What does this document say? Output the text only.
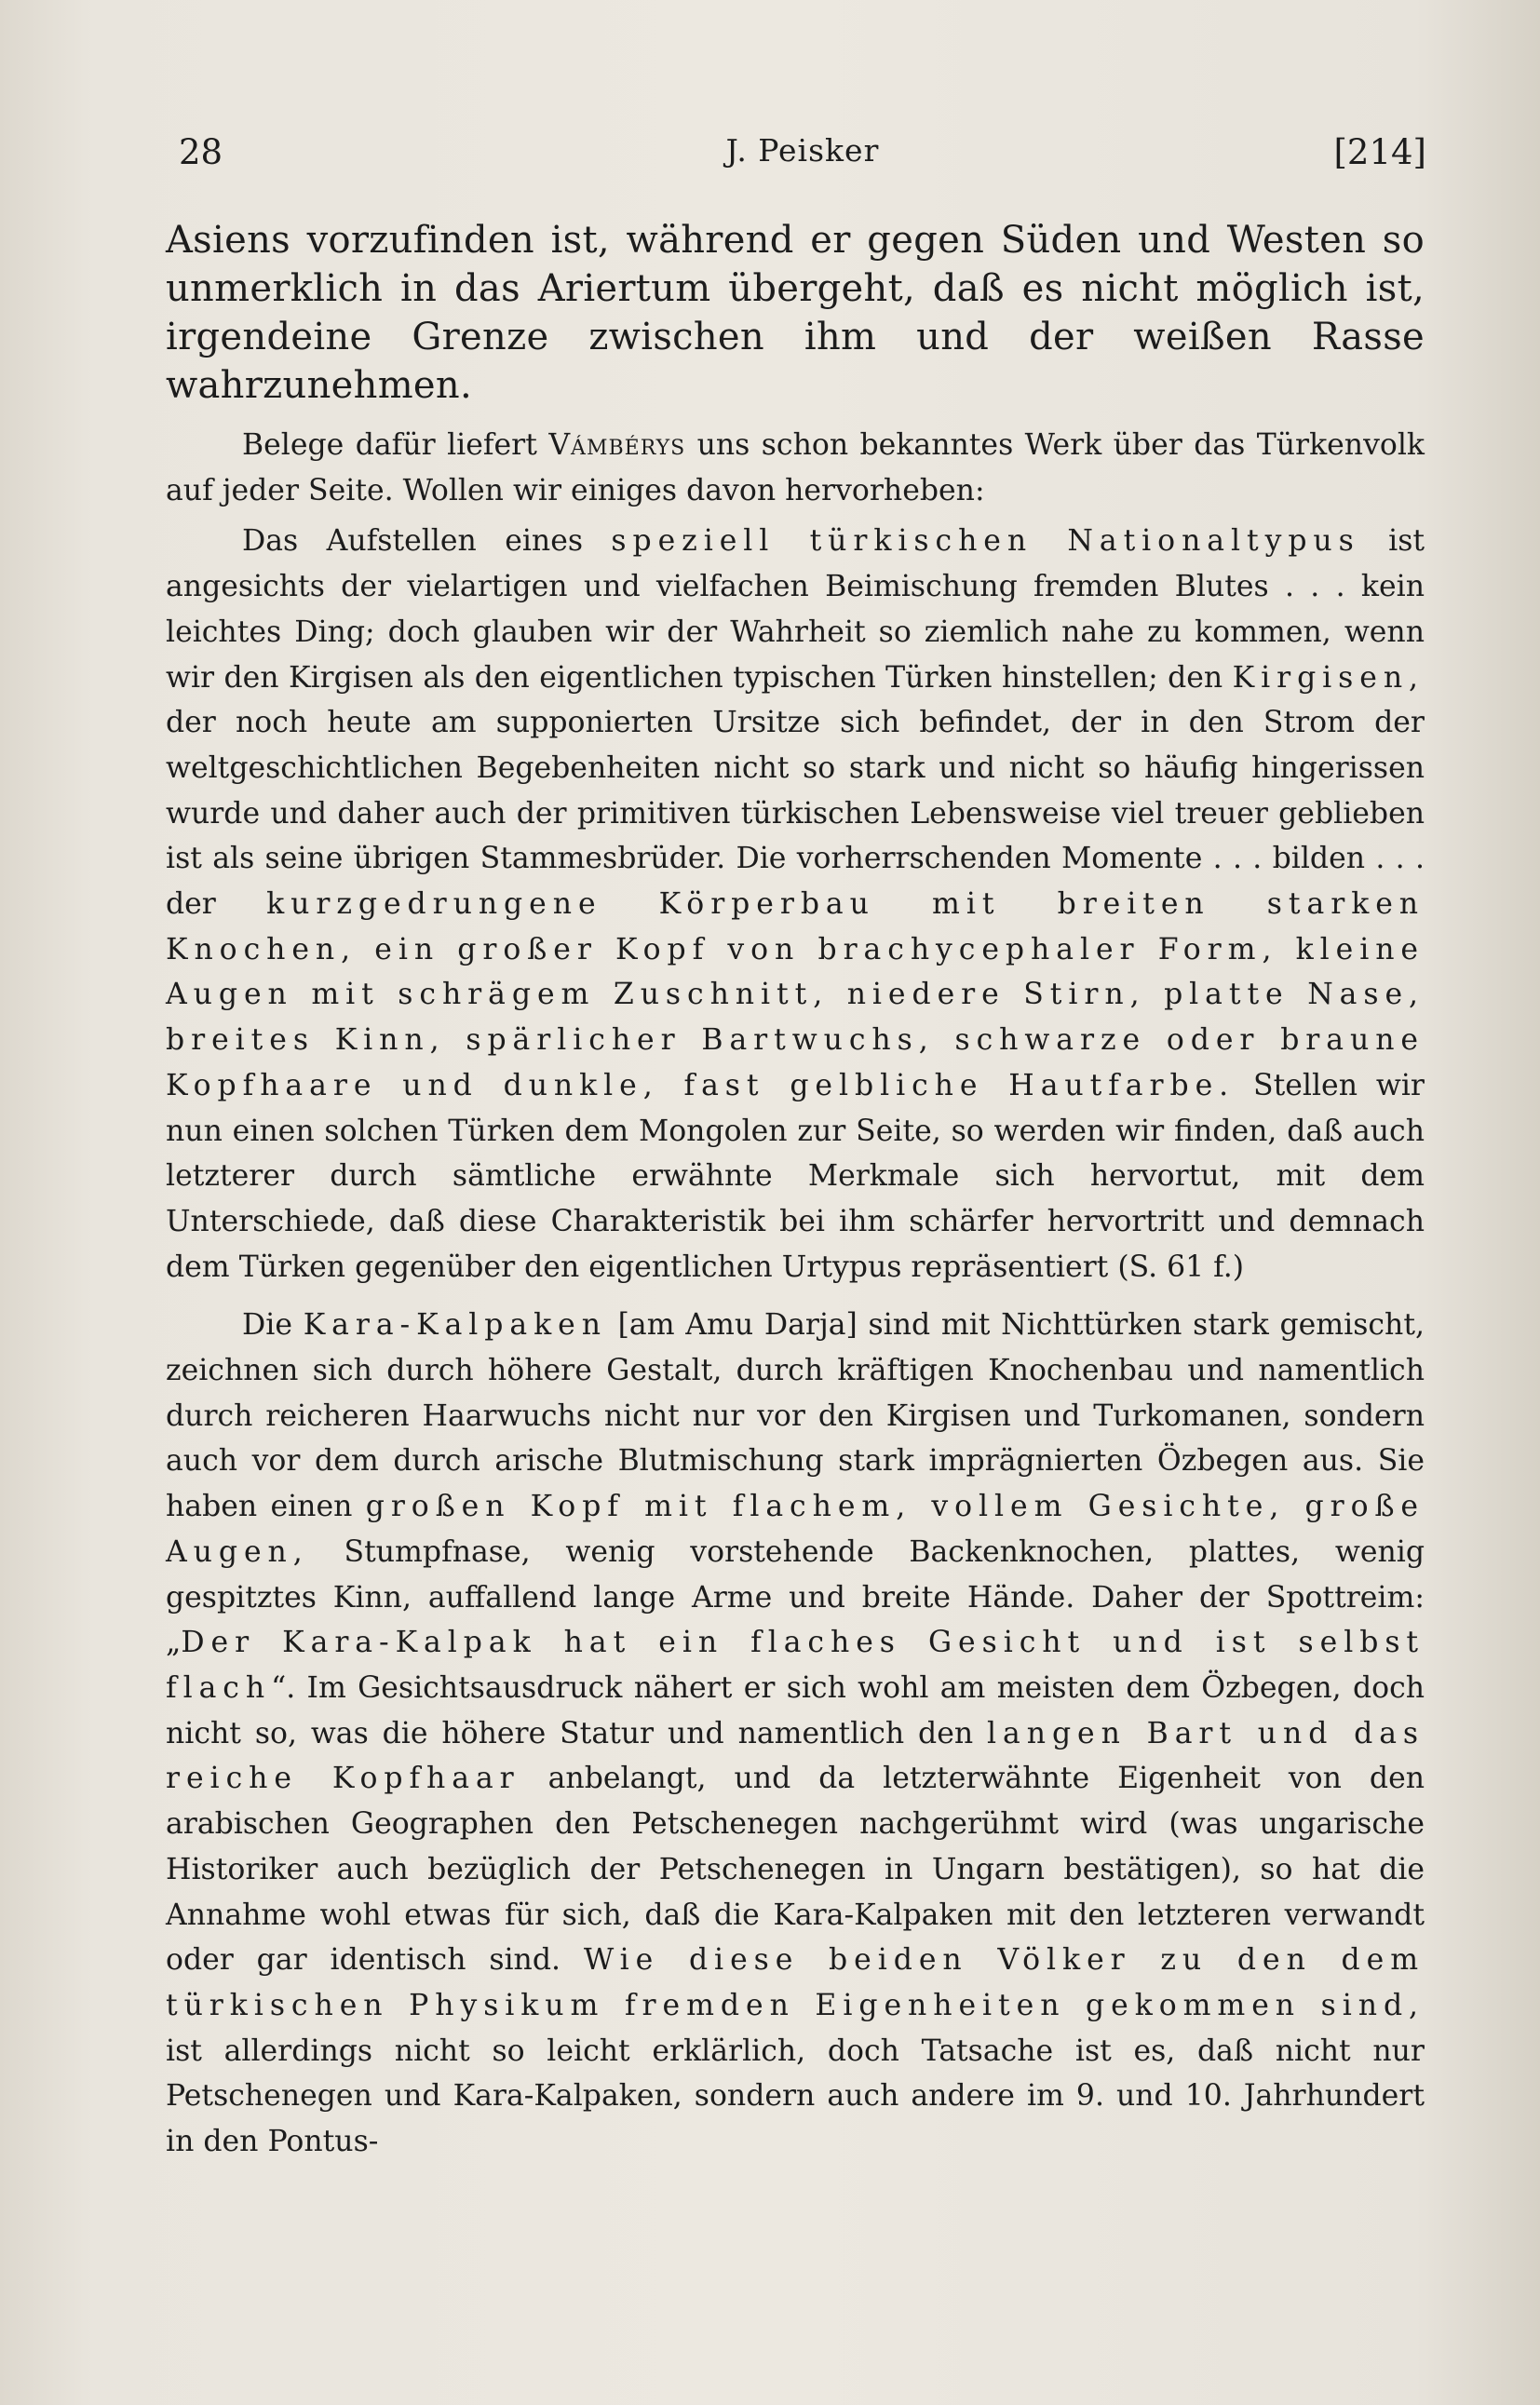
28	J. Peisker	[214]

Asiens vorzufinden ist, während er gegen Süden und Westen so unmerklich in das Ariertum übergeht, daß es nicht möglich ist, irgendeine Grenze zwischen ihm und der weißen Rasse wahrzunehmen.

Belege dafür liefert Vámbérys uns schon bekanntes Werk über das Türkenvolk auf jeder Seite. Wollen wir einiges davon hervorheben:

Das Aufstellen eines speziell türkischen Nationaltypus ist angesichts der vielartigen und vielfachen Beimischung fremden Blutes . . . kein leichtes Ding; doch glauben wir der Wahrheit so ziemlich nahe zu kommen, wenn wir den Kirgisen als den eigentlichen typischen Türken hinstellen; den Kirgisen, der noch heute am supponierten Ursitze sich befindet, der in den Strom der weltgeschichtlichen Begebenheiten nicht so stark und nicht so häufig hingerissen wurde und daher auch der primitiven türkischen Lebensweise viel treuer geblieben ist als seine übrigen Stammesbrüder. Die vorherrschenden Momente . . . bilden . . . der kurzgedrungene Körperbau mit breiten starken Knochen, ein großer Kopf von brachycephaler Form, kleine Augen mit schrägem Zuschnitt, niedere Stirn, platte Nase, breites Kinn, spärlicher Bartwuchs, schwarze oder braune Kopfhaare und dunkle, fast gelbliche Hautfarbe. Stellen wir nun einen solchen Türken dem Mongolen zur Seite, so werden wir finden, daß auch letzterer durch sämtliche erwähnte Merkmale sich hervortut, mit dem Unterschiede, daß diese Charakteristik bei ihm schärfer hervortritt und demnach dem Türken gegenüber den eigentlichen Urtypus repräsentiert (S. 61 f.)

Die Kara-Kalpaken [am Amu Darja] sind mit Nichttürken stark gemischt, zeichnen sich durch höhere Gestalt, durch kräftigen Knochenbau und namentlich durch reicheren Haarwuchs nicht nur vor den Kirgisen und Turkomanen, sondern auch vor dem durch arische Blutmischung stark imprägnierten Özbegen aus. Sie haben einen großen Kopf mit flachem, vollem Gesichte, große Augen, Stumpfnase, wenig vorstehende Backenknochen, plattes, wenig gespitztes Kinn, auffallend lange Arme und breite Hände. Daher der Spottreim: „Der Kara-Kalpak hat ein flaches Gesicht und ist selbst flach“. Im Gesichtsausdruck nähert er sich wohl am meisten dem Özbegen, doch nicht so, was die höhere Statur und namentlich den langen Bart und das reiche Kopfhaar anbelangt, und da letzterwähnte Eigenheit von den arabischen Geographen den Petschenegen nachgerühmt wird (was ungarische Historiker auch bezüglich der Petschenegen in Ungarn bestätigen), so hat die Annahme wohl etwas für sich, daß die Kara-Kalpaken mit den letzteren verwandt oder gar identisch sind. Wie diese beiden Völker zu den dem türkischen Physikum fremden Eigenheiten gekommen sind, ist allerdings nicht so leicht erklärlich, doch Tatsache ist es, daß nicht nur Petschenegen und Kara-Kalpaken, sondern auch andere im 9. und 10. Jahrhundert in den Pontus-
